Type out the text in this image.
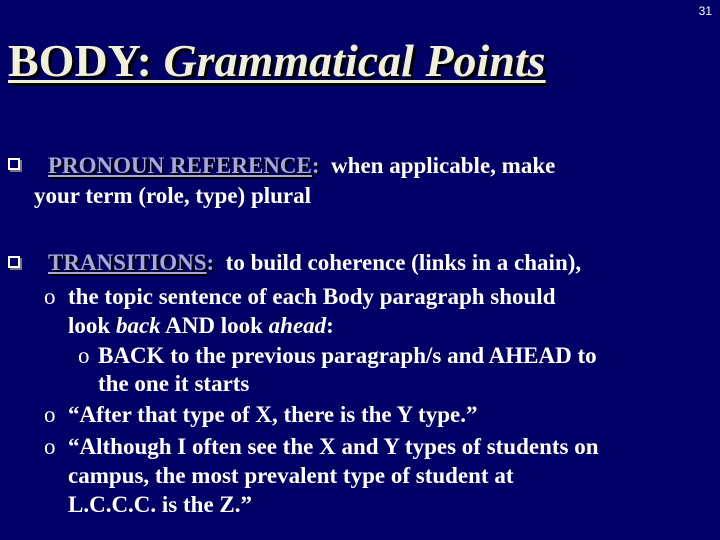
31
BODY: Grammatical Points
PRONOUN REFERENCE:  when applicable, make
your term (role, type) plural
TRANSITIONS:  to build coherence (links in a chain),
o the topic sentence of each Body paragraph should
look back AND look ahead:
o BACK to the previous paragraph/s and AHEAD to
the one it starts
o “After that type of X, there is the Y type.”
o “Although I often see the X and Y types of students on
campus, the most prevalent type of student at
L.C.C.C. is the Z.”
